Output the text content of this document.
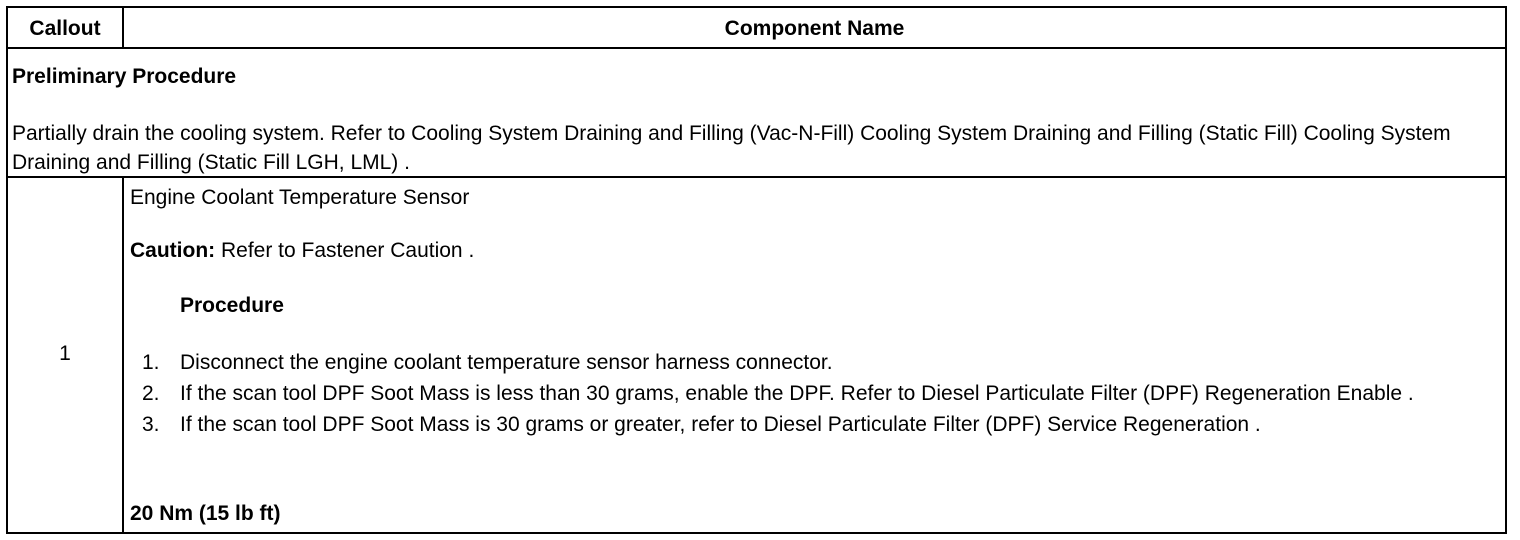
Callout	Component Name
Preliminary Procedure
Partially drain the cooling system. Refer to Cooling System Draining and Filling (Vac-N-Fill) Cooling System Draining and Filling (Static Fill) Cooling System Draining and Filling (Static Fill LGH, LML) .
1
Engine Coolant Temperature Sensor
Caution: Refer to Fastener Caution .
Procedure
1. Disconnect the engine coolant temperature sensor harness connector.
2. If the scan tool DPF Soot Mass is less than 30 grams, enable the DPF. Refer to Diesel Particulate Filter (DPF) Regeneration Enable .
3. If the scan tool DPF Soot Mass is 30 grams or greater, refer to Diesel Particulate Filter (DPF) Service Regeneration .
20 Nm (15 lb ft)
